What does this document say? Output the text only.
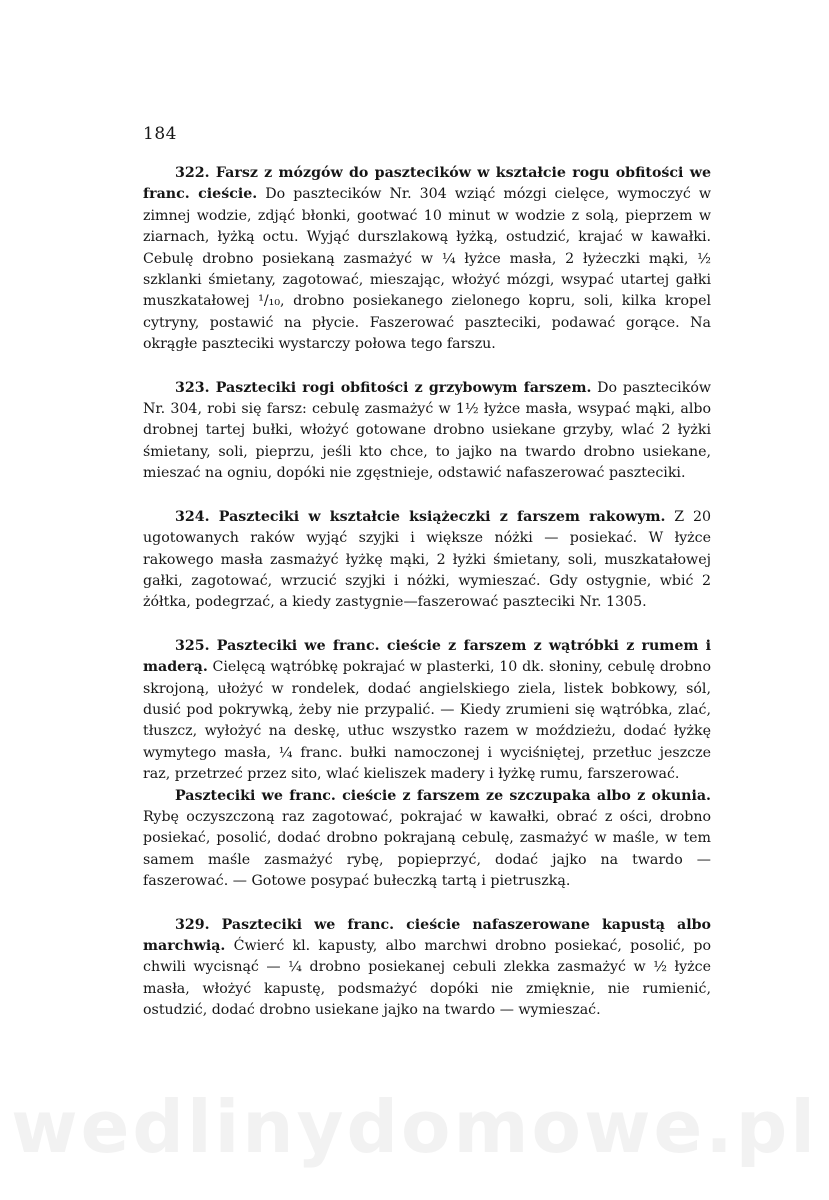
184

322. Farsz z mózgów do pasztecików w kształcie rogu obfitości we franc. cieście. Do pasztecików Nr. 304 wziąć mózgi cielęce, wymoczyć w zimnej wodzie, zdjąć błonki, gootwać 10 minut w wodzie z solą, pieprzem w ziarnach, łyżką octu. Wyjąć durszlakową łyżką, ostudzić, krajać w kawałki. Cebulę drobno posiekaną zasmażyć w ¼ łyżce masła, 2 łyżeczki mąki, ½ szklanki śmietany, zagotować, mieszając, włożyć mózgi, wsypać utartej gałki muszkatałowej ¹/₁₀, drobno posiekanego zielonego kopru, soli, kilka kropel cytryny, postawić na płycie. Faszerować paszteciki, podawać gorące. Na okrągłe paszteciki wystarczy połowa tego farszu.

323. Paszteciki rogi obfitości z grzybowym farszem. Do pasztecików Nr. 304, robi się farsz: cebulę zasmażyć w 1½ łyżce masła, wsypać mąki, albo drobnej tartej bułki, włożyć gotowane drobno usiekane grzyby, wlać 2 łyżki śmietany, soli, pieprzu, jeśli kto chce, to jajko na twardo drobno usiekane, mieszać na ogniu, dopóki nie zgęstnieje, odstawić nafaszerować paszteciki.

324. Paszteciki w kształcie książeczki z farszem rakowym. Z 20 ugotowanych raków wyjąć szyjki i większe nóżki — posiekać. W łyżce rakowego masła zasmażyć łyżkę mąki, 2 łyżki śmietany, soli, muszkatałowej gałki, zagotować, wrzucić szyjki i nóżki, wymieszać. Gdy ostygnie, wbić 2 żółtka, podegrzać, a kiedy zastygnie—faszerować paszteciki Nr. 1305.

325. Paszteciki we franc. cieście z farszem z wątróbki z rumem i maderą. Cielęcą wątróbkę pokrajać w plasterki, 10 dk. słoniny, cebulę drobno skrojoną, ułożyć w rondelek, dodać angielskiego ziela, listek bobkowy, sól, dusić pod pokrywką, żeby nie przypalić. — Kiedy zrumieni się wątróbka, zlać, tłuszcz, wyłożyć na deskę, utłuc wszystko razem w moździeżu, dodać łyżkę wymytego masła, ¼ franc. bułki namoczonej i wyciśniętej, przetłuc jeszcze raz, przetrzeć przez sito, wlać kieliszek madery i łyżkę rumu, farszerować.

Paszteciki we franc. cieście z farszem ze szczupaka albo z okunia. Rybę oczyszczoną raz zagotować, pokrajać w kawałki, obrać z ości, drobno posiekać, posolić, dodać drobno pokrajaną cebulę, zasmażyć w maśle, w tem samem maśle zasmażyć rybę, popieprzyć, dodać jajko na twardo — faszerować. — Gotowe posypać bułeczką tartą i pietruszką.

329. Paszteciki we franc. cieście nafaszerowane kapustą albo marchwią. Ćwierć kl. kapusty, albo marchwi drobno posiekać, posolić, po chwili wycisnąć — ¼ drobno posiekanej cebuli zlekka zasmażyć w ½ łyżce masła, włożyć kapustę, podsmażyć dopóki nie zmięknie, nie rumienić, ostudzić, dodać drobno usiekane jajko na twardo — wymieszać.

wedlinydomowe.pl
